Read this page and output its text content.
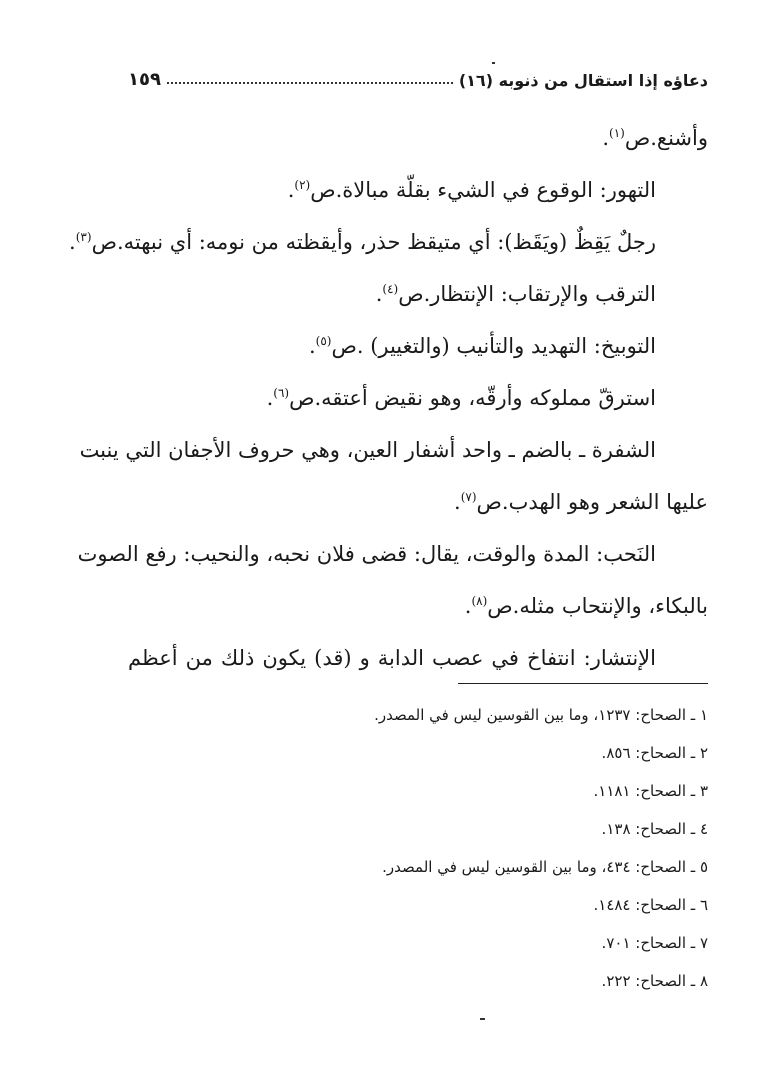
دعاؤه إذا استقال من ذنوبه (١٦)
١٥٩
وأشنع.ص$^{(١)}$.
التهور: الوقوع في الشيء بقلّة مبالاة.ص$^{(٢)}$.
رجلٌ يَقِظٌ (ويَقَظ): أي متيقظ حذر، وأيقظته من نومه: أي نبهته.ص$^{(٣)}$.
الترقب والإرتقاب: الإنتظار.ص$^{(٤)}$.
التوبيخ: التهديد والتأنيب (والتغيير) .ص$^{(٥)}$.
استرقّ مملوكه وأرقّه، وهو نقيض أعتقه.ص$^{(٦)}$.
الشفرة ـ بالضم ـ واحد أشفار العين، وهي حروف الأجفان التي ينبت
عليها الشعر وهو الهدب.ص$^{(٧)}$.
النَحب: المدة والوقت، يقال: قضى فلان نحبه، والنحيب: رفع الصوت
بالبكاء، والإنتحاب مثله.ص$^{(٨)}$.
الإنتشار: انتفاخ في عصب الدابة و (قد) يكون ذلك من أعظم
١ ـ الصحاح: ١٢٣٧، وما بين القوسين ليس في المصدر.
٢ ـ الصحاح: ٨٥٦.
٣ ـ الصحاح: ١١٨١.
٤ ـ الصحاح: ١٣٨.
٥ ـ الصحاح: ٤٣٤، وما بين القوسين ليس في المصدر.
٦ ـ الصحاح: ١٤٨٤.
٧ ـ الصحاح: ٧٠١.
٨ ـ الصحاح: ٢٢٢.
